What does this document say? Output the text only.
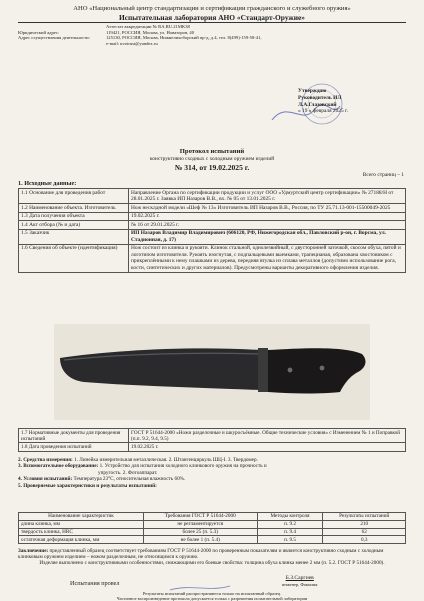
АНО «Национальный центр стандартизации и сертификации гражданского и служебного оружия»
Испытательная лаборатория АНО «Стандарт-Оружие»
Аттестат аккредитации № RA.RU.21MK38
Юридический адрес:	119421, РОССИЯ, Москва, ул. Новаторов, 40
Адрес осуществления деятельности:	125130, РОССИЯ, Москва, Нижнелихоборский пр-д, д.4, тел. 8(499)-159-58-41,
e-mail: nvotrust@yandex.ru
Утверждаю
Руководитель ИЛ
Л.А.Глазовский
« 19 » февраля 2025 г.
Протокол испытаний
конструктивно сходных с холодным оружием изделий
№ 314, от 19.02.2025 г.
Всего страниц – 1
1. Исходные данные:
1.1 Основание для проведения работ	Направление Органа по сертификации продукции и услуг ООО «Удмуртский центр сертификации» № 27188/Н от 28.01.2025 г. Заявка ИП Назаров В.В., вх. № 05 от 13.01.2025 г.
1.2 Наименование объекта. Изготовитель	Нож несклдной модели «Шеф № 13» Изготовитель ИП Назаров В.В., Россия, по ТУ 25.71.13-001-15500049-2025
1.3 Дата получения объекта	19.02.2025 г.
1.4 Акт отбора (№ и дата)	№ 16 от 29.01.2025 г.
1.5 Заказчик	ИП Назаров Владимир Владимирович (606120, РФ, Нижегородская обл., Павловский р-он, г. Ворсма, ул. Стадионная, д. 17)
1.6 Сведения об объекте (идентификация)	Нож состоит из клинка и рукояти. Клинок стальной, однолезвийный, с двусторонней заточкой, скосом обуха, пятой и логотипом изготовителя. Рукоять изогнутая, с подпальцевыми выемками, трапецианая, образована хвостовиком с прикреплёнными к нему плашками из дерева, передняя втулка из сплава металлов (допустимо использование рога, кости, синтетических и других материалов). Предусмотрены варианты декоративного оформления изделия.
1.7 Нормативные документы для проведения испытаний	ГОСТ Р 51644-2000 «Ножи разделочные и шкуросъёмные. Общие технические условия» с Изменением № 1 и Поправкой (п.п. 9.2, 9.4, 9.5)
1.8 Дата проведения испытаний	19.02.2025 г.
2. Средства измерения: 1. Линейка измерительная металлическая. 2. Штангенциркуль ШЦ-I. 3. Твердомер.
3. Вспомогательное оборудование: 1. Устройство для испытания холодного клинкового оружия на прочность и
упругость. 2. Фотоаппарат.
4. Условия испытаний: Температура 23°С, относительная влажность 60%.
5. Проверяемые характеристики и результаты испытаний:
Наименование характеристик	Требования ГОСТ Р 51644-2000	Методы контроля	Результаты испытаний
длина клинка, мм	не регламентируется	п. 9.2	210
твердость клинка, HRC	более 25 (п. 5.3)	п. 9.4	62
остаточная деформация клинка, мм	не более 1 (п. 5.4)	п. 9.5	0,3
Заключение: представленный образец соответствует требованиям ГОСТ Р 51644-2000 по проверенным показателям и является конструктивно сходным с холодным клинковым оружием изделием – ножом разделочным, не относящимся к оружию.
Изделие выполнено с конструктивными особенностями, снижающими его боевые свойства: толщина обуха клинка менее 2 мм (п. 5.2. ГОСТ Р 51644-2000).
Испытания провел
Б.З.Саргиев
инженер, Фамилия
Результаты испытаний распространяются только на испытанный образец.
Частичное воспроизведение протокола допускается только с разрешения испытательной лаборатории
